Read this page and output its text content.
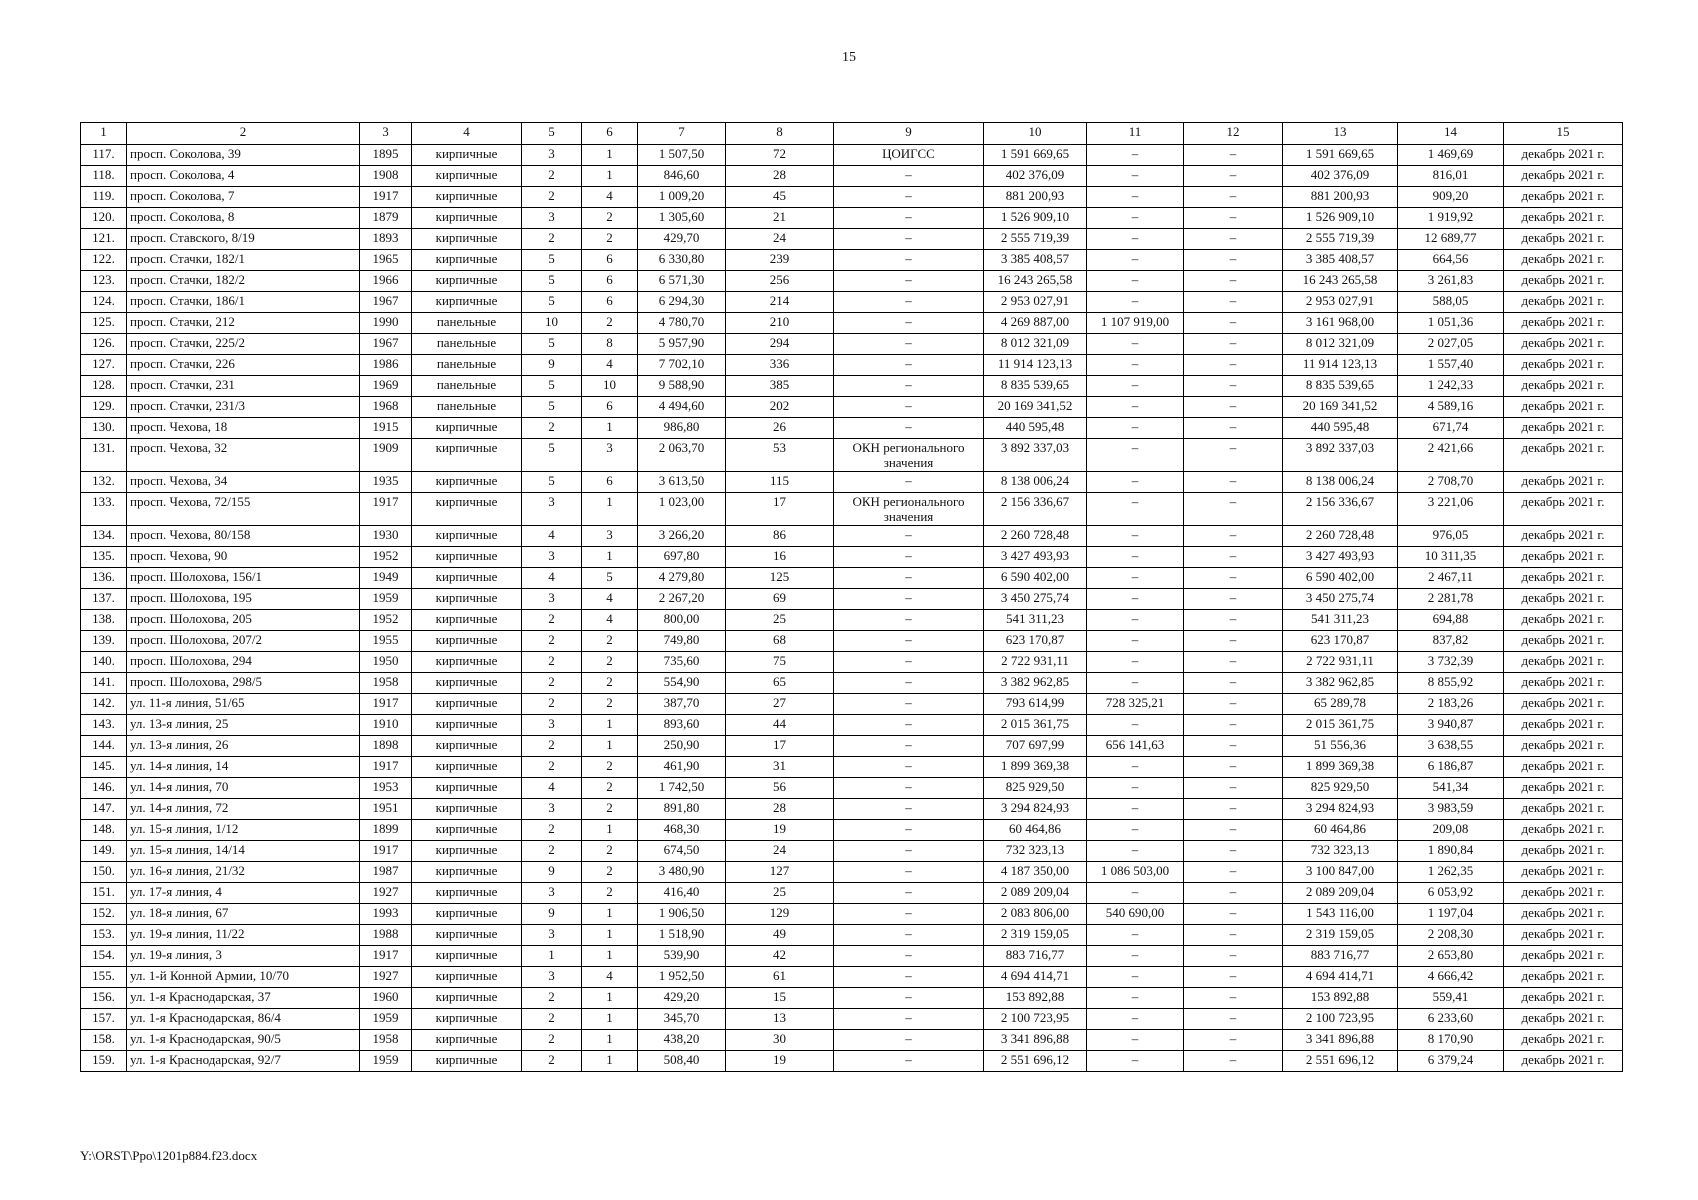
15
1	2	3	4	5	6	7	8	9	10	11	12	13	14	15
117.	просп. Соколова, 39	1895	кирпичные	3	1	1 507,50	72	ЦОИГСС	1 591 669,65	–	–	1 591 669,65	1 469,69	декабрь 2021 г.
118.	просп. Соколова, 4	1908	кирпичные	2	1	846,60	28	–	402 376,09	–	–	402 376,09	816,01	декабрь 2021 г.
119.	просп. Соколова, 7	1917	кирпичные	2	4	1 009,20	45	–	881 200,93	–	–	881 200,93	909,20	декабрь 2021 г.
120.	просп. Соколова, 8	1879	кирпичные	3	2	1 305,60	21	–	1 526 909,10	–	–	1 526 909,10	1 919,92	декабрь 2021 г.
121.	просп. Ставского, 8/19	1893	кирпичные	2	2	429,70	24	–	2 555 719,39	–	–	2 555 719,39	12 689,77	декабрь 2021 г.
122.	просп. Стачки, 182/1	1965	кирпичные	5	6	6 330,80	239	–	3 385 408,57	–	–	3 385 408,57	664,56	декабрь 2021 г.
123.	просп. Стачки, 182/2	1966	кирпичные	5	6	6 571,30	256	–	16 243 265,58	–	–	16 243 265,58	3 261,83	декабрь 2021 г.
124.	просп. Стачки, 186/1	1967	кирпичные	5	6	6 294,30	214	–	2 953 027,91	–	–	2 953 027,91	588,05	декабрь 2021 г.
125.	просп. Стачки, 212	1990	панельные	10	2	4 780,70	210	–	4 269 887,00	1 107 919,00	–	3 161 968,00	1 051,36	декабрь 2021 г.
126.	просп. Стачки, 225/2	1967	панельные	5	8	5 957,90	294	–	8 012 321,09	–	–	8 012 321,09	2 027,05	декабрь 2021 г.
127.	просп. Стачки, 226	1986	панельные	9	4	7 702,10	336	–	11 914 123,13	–	–	11 914 123,13	1 557,40	декабрь 2021 г.
128.	просп. Стачки, 231	1969	панельные	5	10	9 588,90	385	–	8 835 539,65	–	–	8 835 539,65	1 242,33	декабрь 2021 г.
129.	просп. Стачки, 231/3	1968	панельные	5	6	4 494,60	202	–	20 169 341,52	–	–	20 169 341,52	4 589,16	декабрь 2021 г.
130.	просп. Чехова, 18	1915	кирпичные	2	1	986,80	26	–	440 595,48	–	–	440 595,48	671,74	декабрь 2021 г.
131.	просп. Чехова, 32	1909	кирпичные	5	3	2 063,70	53	ОКН регионального значения	3 892 337,03	–	–	3 892 337,03	2 421,66	декабрь 2021 г.
132.	просп. Чехова, 34	1935	кирпичные	5	6	3 613,50	115	–	8 138 006,24	–	–	8 138 006,24	2 708,70	декабрь 2021 г.
133.	просп. Чехова, 72/155	1917	кирпичные	3	1	1 023,00	17	ОКН регионального значения	2 156 336,67	–	–	2 156 336,67	3 221,06	декабрь 2021 г.
134.	просп. Чехова, 80/158	1930	кирпичные	4	3	3 266,20	86	–	2 260 728,48	–	–	2 260 728,48	976,05	декабрь 2021 г.
135.	просп. Чехова, 90	1952	кирпичные	3	1	697,80	16	–	3 427 493,93	–	–	3 427 493,93	10 311,35	декабрь 2021 г.
136.	просп. Шолохова, 156/1	1949	кирпичные	4	5	4 279,80	125	–	6 590 402,00	–	–	6 590 402,00	2 467,11	декабрь 2021 г.
137.	просп. Шолохова, 195	1959	кирпичные	3	4	2 267,20	69	–	3 450 275,74	–	–	3 450 275,74	2 281,78	декабрь 2021 г.
138.	просп. Шолохова, 205	1952	кирпичные	2	4	800,00	25	–	541 311,23	–	–	541 311,23	694,88	декабрь 2021 г.
139.	просп. Шолохова, 207/2	1955	кирпичные	2	2	749,80	68	–	623 170,87	–	–	623 170,87	837,82	декабрь 2021 г.
140.	просп. Шолохова, 294	1950	кирпичные	2	2	735,60	75	–	2 722 931,11	–	–	2 722 931,11	3 732,39	декабрь 2021 г.
141.	просп. Шолохова, 298/5	1958	кирпичные	2	2	554,90	65	–	3 382 962,85	–	–	3 382 962,85	8 855,92	декабрь 2021 г.
142.	ул. 11-я линия, 51/65	1917	кирпичные	2	2	387,70	27	–	793 614,99	728 325,21	–	65 289,78	2 183,26	декабрь 2021 г.
143.	ул. 13-я линия, 25	1910	кирпичные	3	1	893,60	44	–	2 015 361,75	–	–	2 015 361,75	3 940,87	декабрь 2021 г.
144.	ул. 13-я линия, 26	1898	кирпичные	2	1	250,90	17	–	707 697,99	656 141,63	–	51 556,36	3 638,55	декабрь 2021 г.
145.	ул. 14-я линия, 14	1917	кирпичные	2	2	461,90	31	–	1 899 369,38	–	–	1 899 369,38	6 186,87	декабрь 2021 г.
146.	ул. 14-я линия, 70	1953	кирпичные	4	2	1 742,50	56	–	825 929,50	–	–	825 929,50	541,34	декабрь 2021 г.
147.	ул. 14-я линия, 72	1951	кирпичные	3	2	891,80	28	–	3 294 824,93	–	–	3 294 824,93	3 983,59	декабрь 2021 г.
148.	ул. 15-я линия, 1/12	1899	кирпичные	2	1	468,30	19	–	60 464,86	–	–	60 464,86	209,08	декабрь 2021 г.
149.	ул. 15-я линия, 14/14	1917	кирпичные	2	2	674,50	24	–	732 323,13	–	–	732 323,13	1 890,84	декабрь 2021 г.
150.	ул. 16-я линия, 21/32	1987	кирпичные	9	2	3 480,90	127	–	4 187 350,00	1 086 503,00	–	3 100 847,00	1 262,35	декабрь 2021 г.
151.	ул. 17-я линия, 4	1927	кирпичные	3	2	416,40	25	–	2 089 209,04	–	–	2 089 209,04	6 053,92	декабрь 2021 г.
152.	ул. 18-я линия, 67	1993	кирпичные	9	1	1 906,50	129	–	2 083 806,00	540 690,00	–	1 543 116,00	1 197,04	декабрь 2021 г.
153.	ул. 19-я линия, 11/22	1988	кирпичные	3	1	1 518,90	49	–	2 319 159,05	–	–	2 319 159,05	2 208,30	декабрь 2021 г.
154.	ул. 19-я линия, 3	1917	кирпичные	1	1	539,90	42	–	883 716,77	–	–	883 716,77	2 653,80	декабрь 2021 г.
155.	ул. 1-й Конной Армии, 10/70	1927	кирпичные	3	4	1 952,50	61	–	4 694 414,71	–	–	4 694 414,71	4 666,42	декабрь 2021 г.
156.	ул. 1-я Краснодарская, 37	1960	кирпичные	2	1	429,20	15	–	153 892,88	–	–	153 892,88	559,41	декабрь 2021 г.
157.	ул. 1-я Краснодарская, 86/4	1959	кирпичные	2	1	345,70	13	–	2 100 723,95	–	–	2 100 723,95	6 233,60	декабрь 2021 г.
158.	ул. 1-я Краснодарская, 90/5	1958	кирпичные	2	1	438,20	30	–	3 341 896,88	–	–	3 341 896,88	8 170,90	декабрь 2021 г.
159.	ул. 1-я Краснодарская, 92/7	1959	кирпичные	2	1	508,40	19	–	2 551 696,12	–	–	2 551 696,12	6 379,24	декабрь 2021 г.
Y:\ORST\Ppo\1201p884.f23.docx
